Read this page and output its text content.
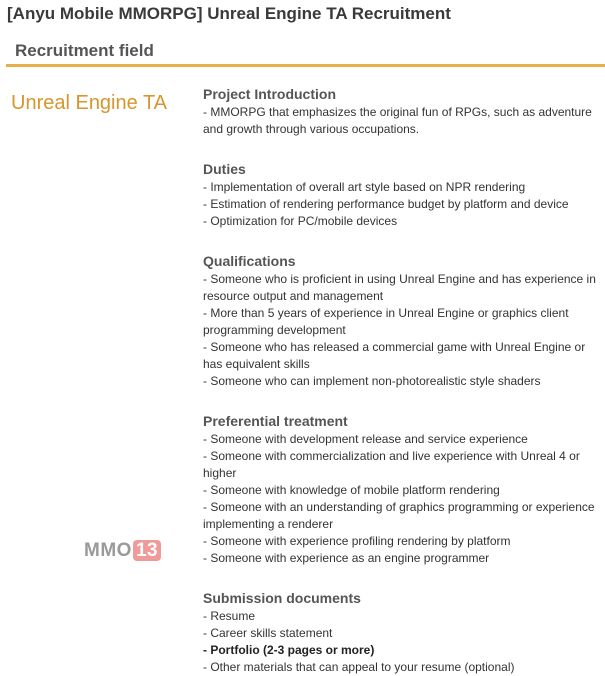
[Anyu Mobile MMORPG] Unreal Engine TA Recruitment
Recruitment field
Unreal Engine TA	Project Introduction
- MMORPG that emphasizes the original fun of RPGs, such as adventure and growth through various occupations.
Duties
- Implementation of overall art style based on NPR rendering
- Estimation of rendering performance budget by platform and device
- Optimization for PC/mobile devices
Qualifications
- Someone who is proficient in using Unreal Engine and has experience in resource output and management
- More than 5 years of experience in Unreal Engine or graphics client programming development
- Someone who has released a commercial game with Unreal Engine or has equivalent skills
- Someone who can implement non-photorealistic style shaders
Preferential treatment
- Someone with development release and service experience
- Someone with commercialization and live experience with Unreal 4 or higher
- Someone with knowledge of mobile platform rendering
- Someone with an understanding of graphics programming or experience implementing a renderer
- Someone with experience profiling rendering by platform
- Someone with experience as an engine programmer
Submission documents
- Resume
- Career skills statement
- Portfolio (2-3 pages or more)
- Other materials that can appeal to your resume (optional)
MMO 13
